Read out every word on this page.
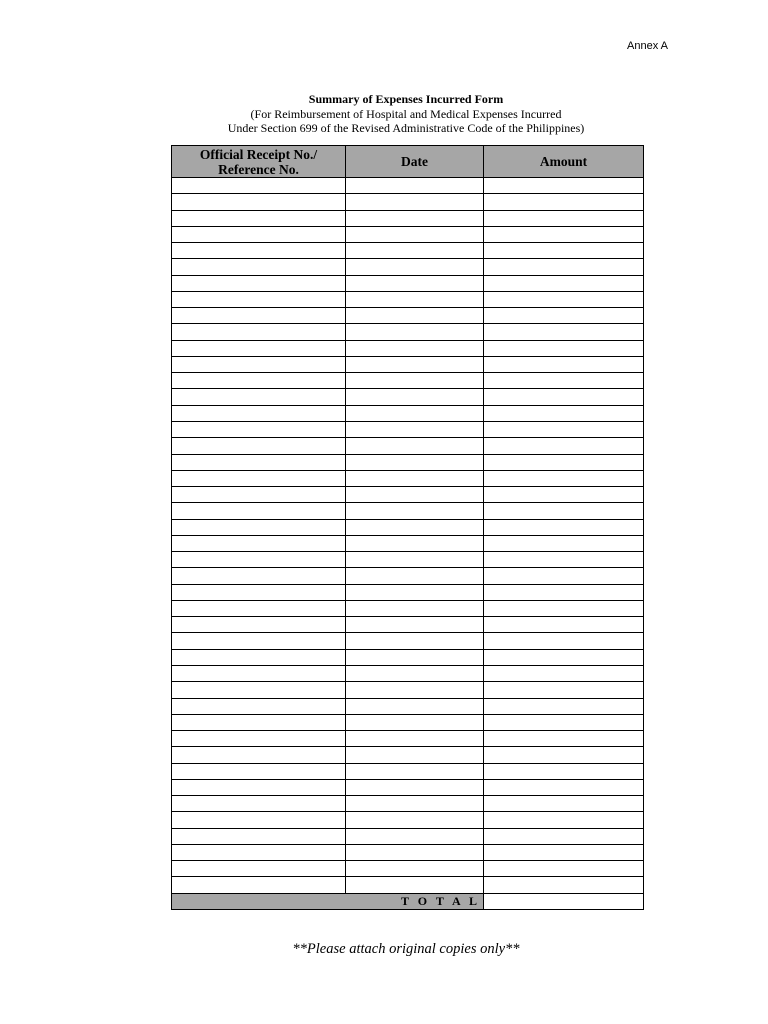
Annex A
Summary of Expenses Incurred Form
(For Reimbursement of Hospital and Medical Expenses Incurred
Under Section 699 of the Revised Administrative Code of the Philippines)
Official Receipt No./
Reference No.	Date	Amount

T O T A L		
**Please attach original copies only**
